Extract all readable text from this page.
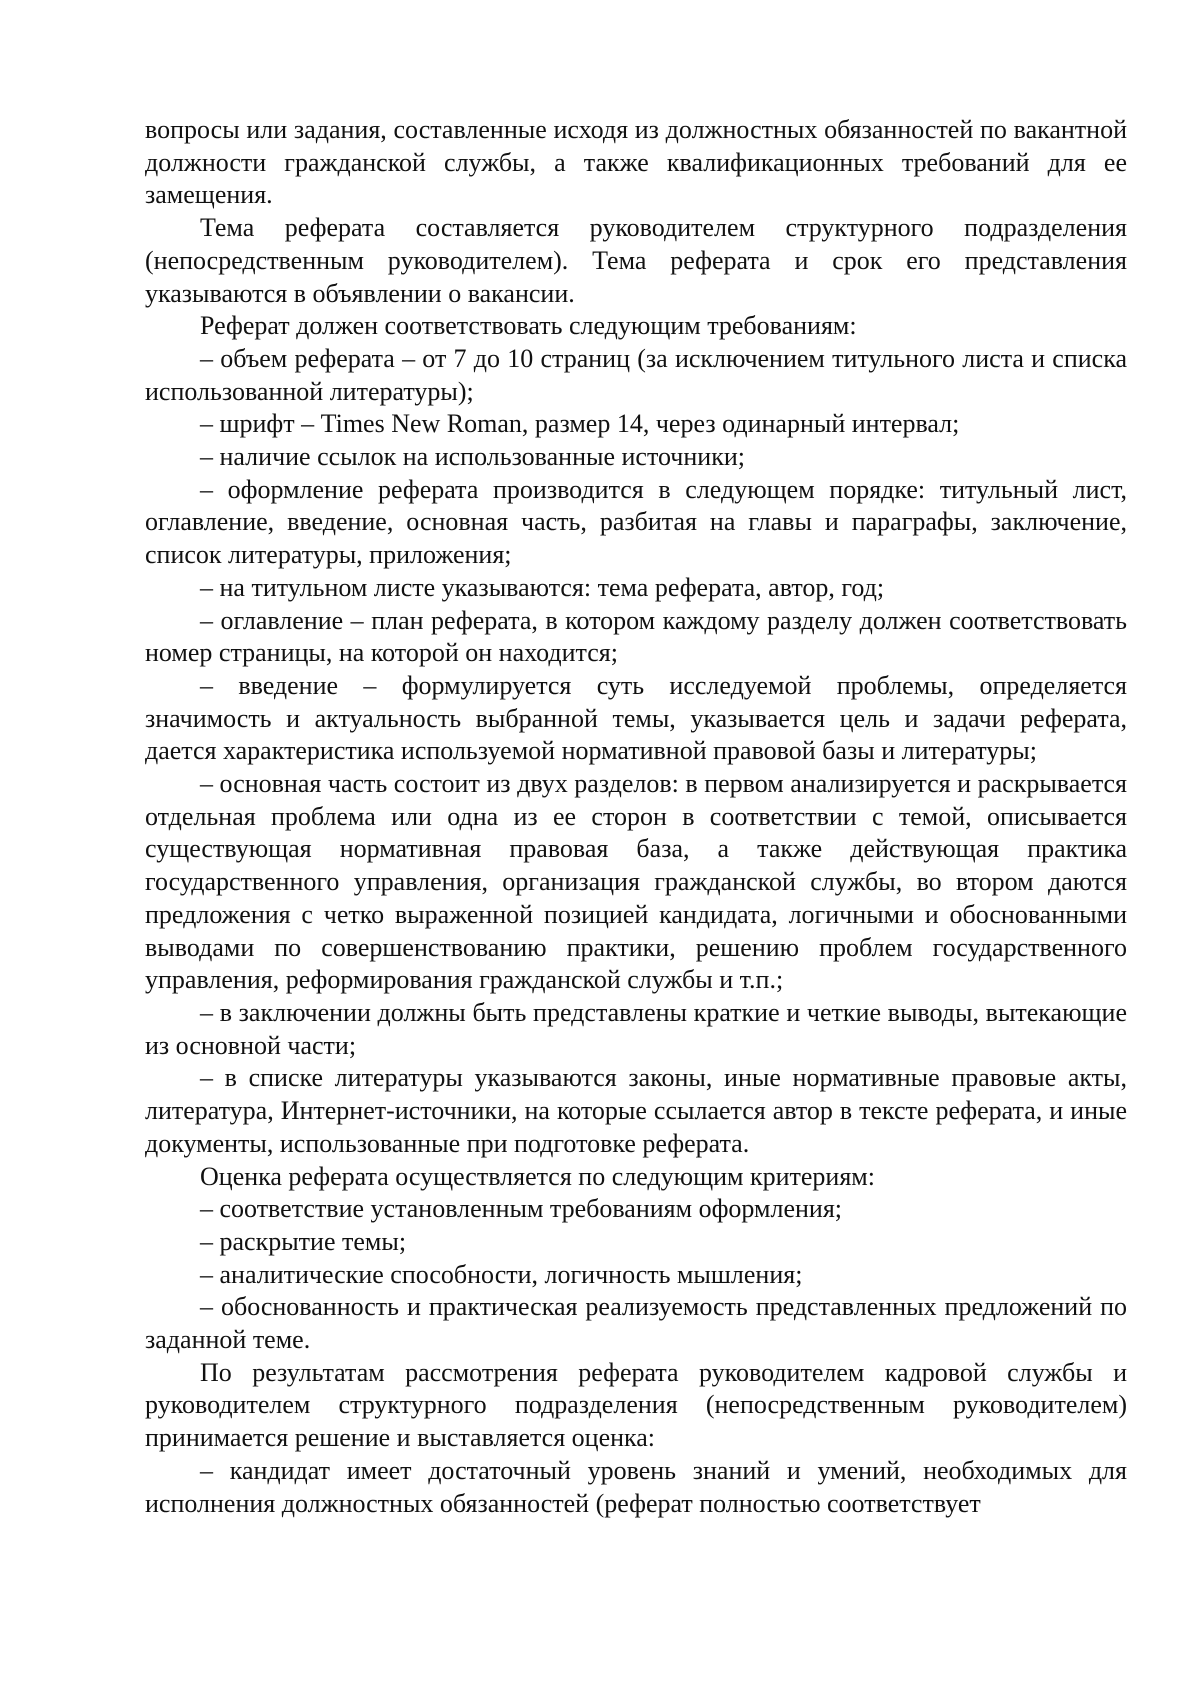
вопросы или задания, составленные исходя из должностных обязанностей по вакантной должности гражданской службы, а также квалификационных требований для ее замещения.

Тема реферата составляется руководителем структурного подразделения (непосредственным руководителем). Тема реферата и срок его представления указываются в объявлении о вакансии.

Реферат должен соответствовать следующим требованиям:

– объем реферата – от 7 до 10 страниц (за исключением титульного листа и списка использованной литературы);

– шрифт – Times New Roman, размер 14, через одинарный интервал;

– наличие ссылок на использованные источники;

– оформление реферата производится в следующем порядке: титульный лист, оглавление, введение, основная часть, разбитая на главы и параграфы, заключение, список литературы, приложения;

– на титульном листе указываются: тема реферата, автор, год;

– оглавление – план реферата, в котором каждому разделу должен соответствовать номер страницы, на которой он находится;

– введение – формулируется суть исследуемой проблемы, определяется значимость и актуальность выбранной темы, указывается цель и задачи реферата, дается характеристика используемой нормативной правовой базы и литературы;

– основная часть состоит из двух разделов: в первом анализируется и раскрывается отдельная проблема или одна из ее сторон в соответствии с темой, описывается существующая нормативная правовая база, а также действующая практика государственного управления, организация гражданской службы, во втором даются предложения с четко выраженной позицией кандидата, логичными и обоснованными выводами по совершенствованию практики, решению проблем государственного управления, реформирования гражданской службы и т.п.;

– в заключении должны быть представлены краткие и четкие выводы, вытекающие из основной части;

– в списке литературы указываются законы, иные нормативные правовые акты, литература, Интернет-источники, на которые ссылается автор в тексте реферата, и иные документы, использованные при подготовке реферата.

Оценка реферата осуществляется по следующим критериям:

– соответствие установленным требованиям оформления;

– раскрытие темы;

– аналитические способности, логичность мышления;

– обоснованность и практическая реализуемость представленных предложений по заданной теме.

По результатам рассмотрения реферата руководителем кадровой службы и руководителем структурного подразделения (непосредственным руководителем) принимается решение и выставляется оценка:

– кандидат имеет достаточный уровень знаний и умений, необходимых для исполнения должностных обязанностей (реферат полностью соответствует
